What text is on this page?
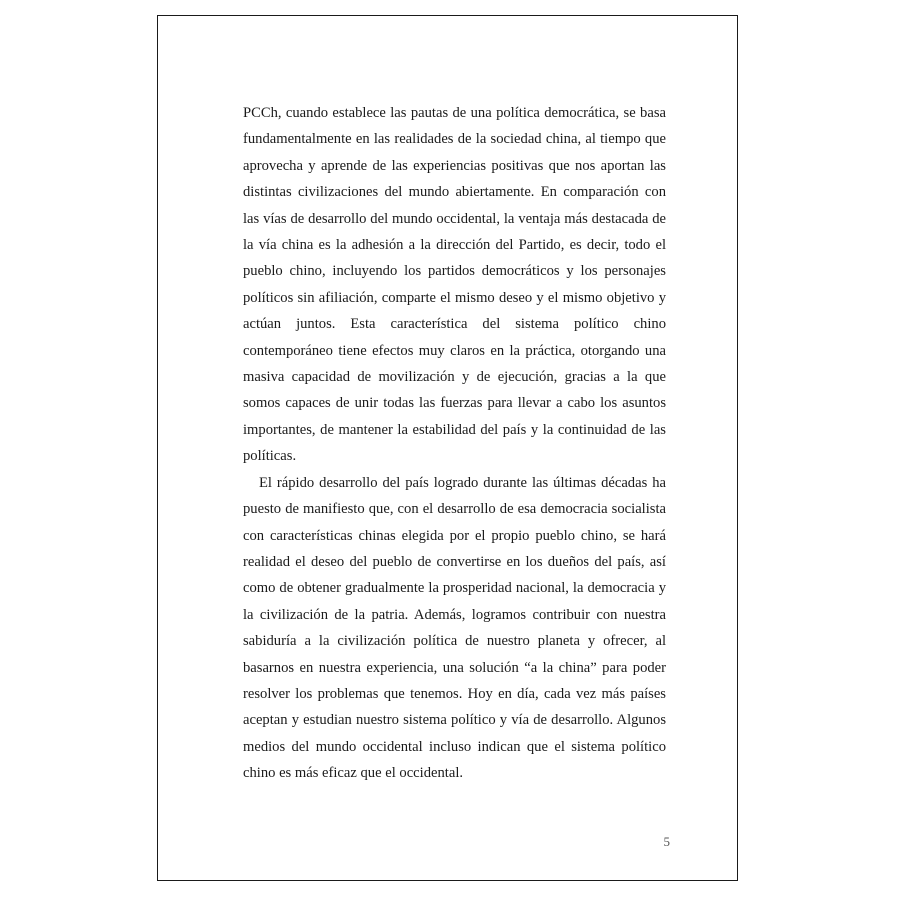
PCCh, cuando establece las pautas de una política democrática, se basa fundamentalmente en las realidades de la sociedad china, al tiempo que aprovecha y aprende de las experiencias positivas que nos aportan las distintas civilizaciones del mundo abiertamente. En comparación con las vías de desarrollo del mundo occidental, la ventaja más destacada de la vía china es la adhesión a la dirección del Partido, es decir, todo el pueblo chino, incluyendo los partidos democráticos y los personajes políticos sin afiliación, comparte el mismo deseo y el mismo objetivo y actúan juntos. Esta característica del sistema político chino contemporáneo tiene efectos muy claros en la práctica, otorgando una masiva capacidad de movilización y de ejecución, gracias a la que somos capaces de unir todas las fuerzas para llevar a cabo los asuntos importantes, de mantener la estabilidad del país y la continuidad de las políticas.

El rápido desarrollo del país logrado durante las últimas décadas ha puesto de manifiesto que, con el desarrollo de esa democracia socialista con características chinas elegida por el propio pueblo chino, se hará realidad el deseo del pueblo de convertirse en los dueños del país, así como de obtener gradualmente la prosperidad nacional, la democracia y la civilización de la patria. Además, logramos contribuir con nuestra sabiduría a la civilización política de nuestro planeta y ofrecer, al basarnos en nuestra experiencia, una solución “a la china” para poder resolver los problemas que tenemos. Hoy en día, cada vez más países aceptan y estudian nuestro sistema político y vía de desarrollo. Algunos medios del mundo occidental incluso indican que el sistema político chino es más eficaz que el occidental.

5
